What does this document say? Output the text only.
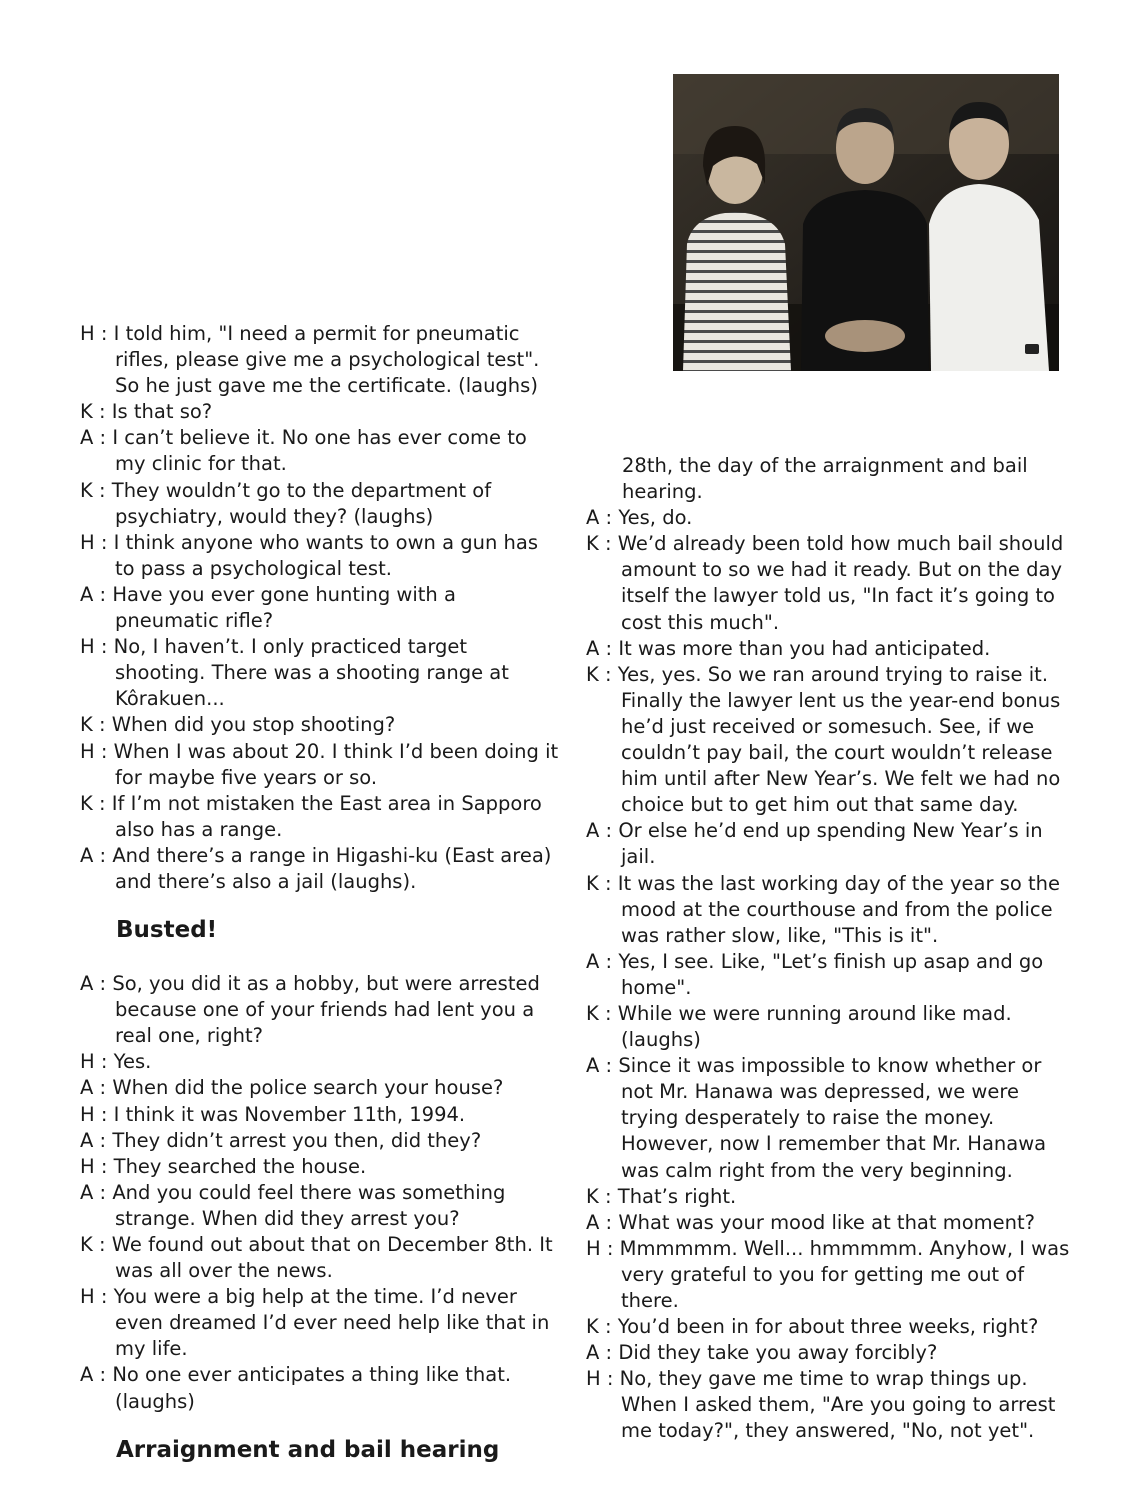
H : I told him, "I need a permit for pneumatic rifles, please give me a psychological test". So he just gave me the certificate. (laughs)
K : Is that so?
A : I can’t believe it. No one has ever come to my clinic for that.
K : They wouldn’t go to the department of psychiatry, would they? (laughs)
H : I think anyone who wants to own a gun has to pass a psychological test.
A : Have you ever gone hunting with a pneumatic rifle?
H : No, I haven’t. I only practiced target shooting. There was a shooting range at Kôrakuen...
K : When did you stop shooting?
H : When I was about 20. I think I’d been doing it for maybe five years or so.
K : If I’m not mistaken the East area in Sapporo also has a range.
A : And there’s a range in Higashi-ku (East area) and there’s also a jail (laughs).
Busted!
A : So, you did it as a hobby, but were arrested because one of your friends had lent you a real one, right?
H : Yes.
A : When did the police search your house?
H : I think it was November 11th, 1994.
A : They didn’t arrest you then, did they?
H : They searched the house.
A : And you could feel there was something strange. When did they arrest you?
K : We found out about that on December 8th. It was all over the news.
H : You were a big help at the time. I’d never even dreamed I’d ever need help like that in my life.
A : No one ever anticipates a thing like that. (laughs)
Arraignment and bail hearing
28th, the day of the arraignment and bail hearing.
A : Yes, do.
K : We’d already been told how much bail should amount to so we had it ready. But on the day itself the lawyer told us, "In fact it’s going to cost this much".
A : It was more than you had anticipated.
K : Yes, yes. So we ran around trying to raise it. Finally the lawyer lent us the year-end bonus he’d just received or somesuch. See, if we couldn’t pay bail, the court wouldn’t release him until after New Year’s. We felt we had no choice but to get him out that same day.
A : Or else he’d end up spending New Year’s in jail.
K : It was the last working day of the year so the mood at the courthouse and from the police was rather slow, like, "This is it".
A : Yes, I see. Like, "Let’s finish up asap and go home".
K : While we were running around like mad. (laughs)
A : Since it was impossible to know whether or not Mr. Hanawa was depressed, we were trying desperately to raise the money. However, now I remember that Mr. Hanawa was calm right from the very beginning.
K : That’s right.
A : What was your mood like at that moment?
H : Mmmmmm. Well... hmmmmm. Anyhow, I was very grateful to you for getting me out of there.
K : You’d been in for about three weeks, right?
A : Did they take you away forcibly?
H : No, they gave me time to wrap things up. When I asked them, "Are you going to arrest me today?", they answered, "No, not yet".
